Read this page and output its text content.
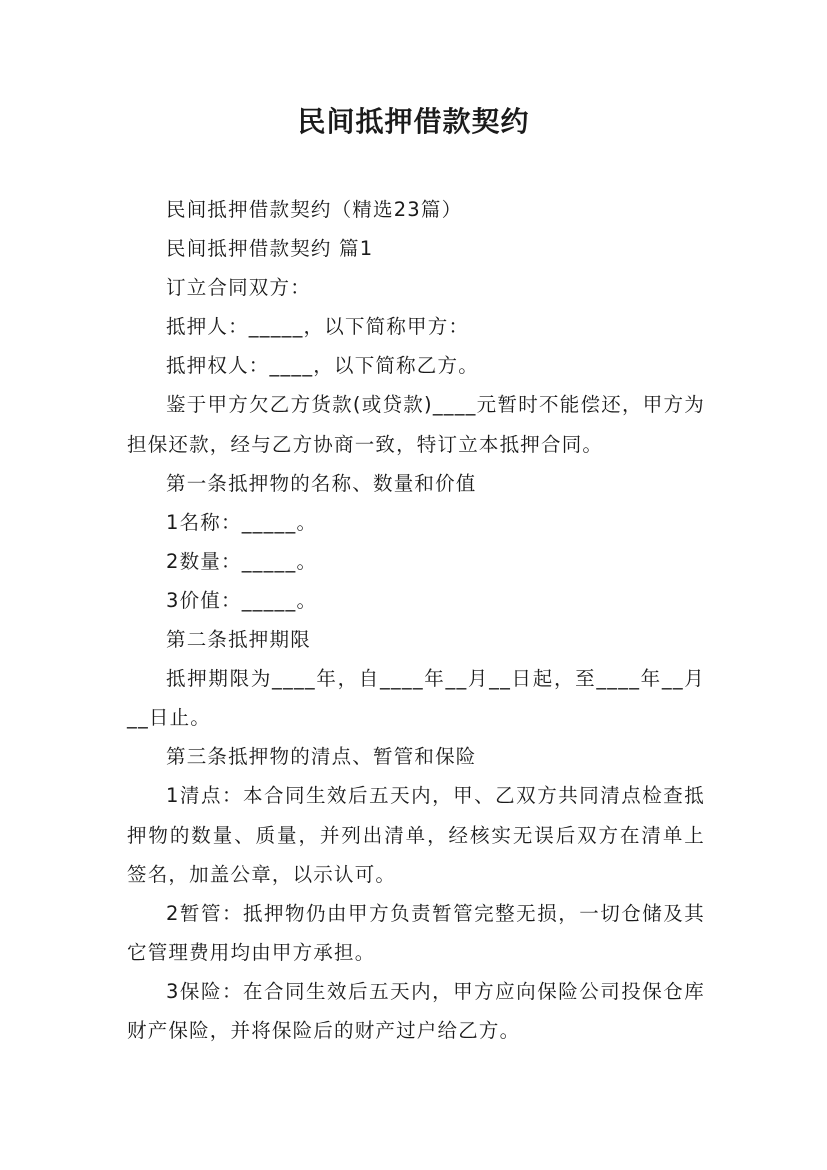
民间抵押借款契约

民间抵押借款契约（精选23篇）

民间抵押借款契约 篇1

订立合同双方：

抵押人：_____，以下简称甲方：

抵押权人：____，以下简称乙方。

鉴于甲方欠乙方货款(或贷款)____元暂时不能偿还，甲方为担保还款，经与乙方协商一致，特订立本抵押合同。

第一条抵押物的名称、数量和价值

1名称：_____。

2数量：_____。

3价值：_____。

第二条抵押期限

抵押期限为____年，自____年__月__日起，至____年__月__日止。

第三条抵押物的清点、暂管和保险

1清点：本合同生效后五天内，甲、乙双方共同清点检查抵押物的数量、质量，并列出清单，经核实无误后双方在清单上签名，加盖公章，以示认可。

2暂管：抵押物仍由甲方负责暂管完整无损，一切仓储及其它管理费用均由甲方承担。

3保险：在合同生效后五天内，甲方应向保险公司投保仓库财产保险，并将保险后的财产过户给乙方。
